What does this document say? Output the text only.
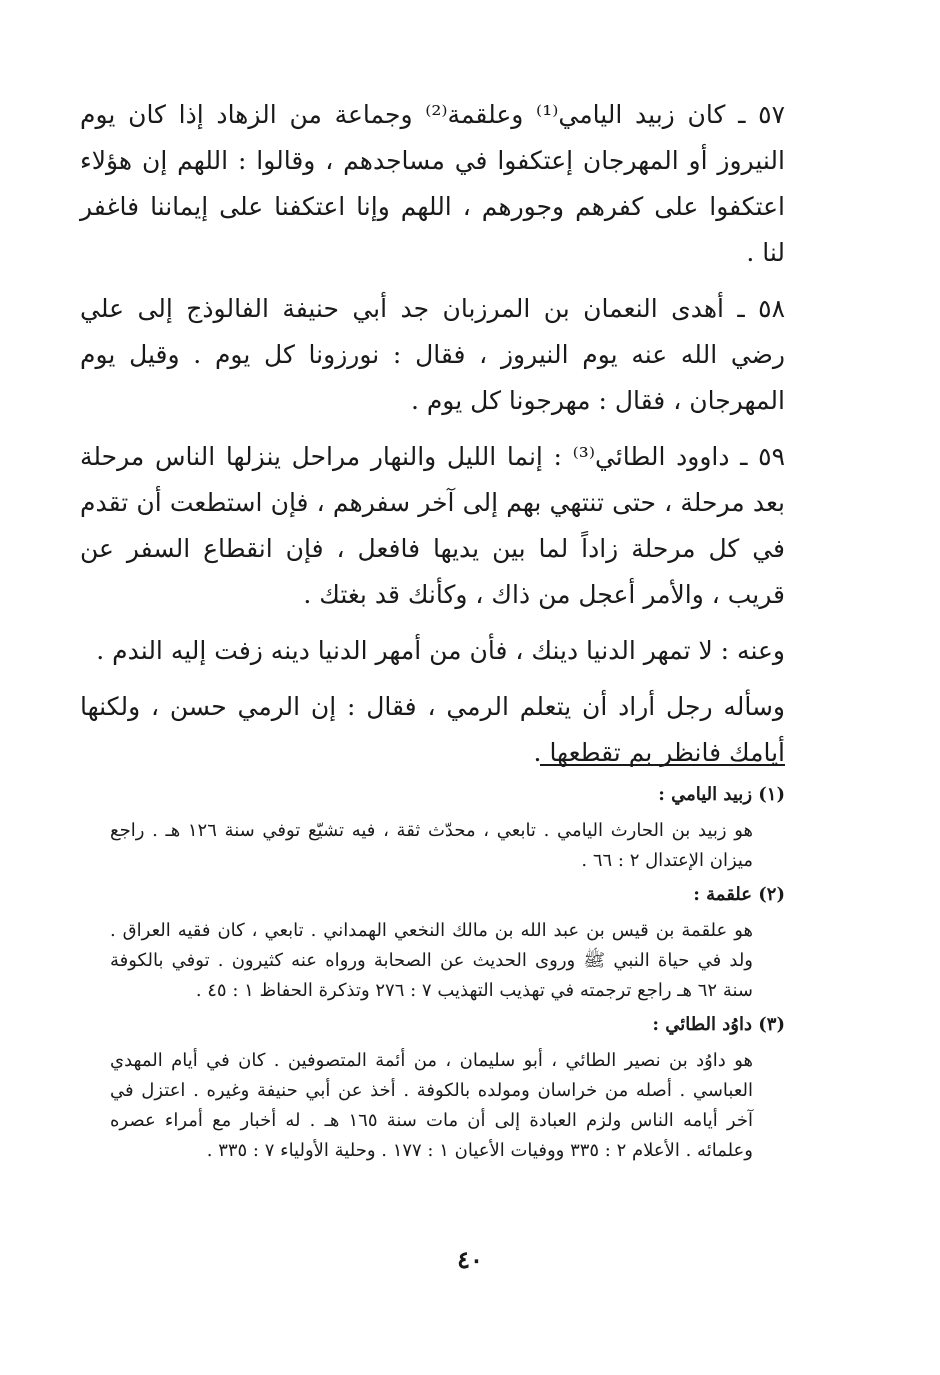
٥٧ ـ كان زبيد اليامي⁽¹⁾ وعلقمة⁽²⁾ وجماعة من الزهاد إذا كان يوم النيروز أو المهرجان إعتكفوا في مساجدهم ، وقالوا : اللهم إن هؤلاء اعتكفوا على كفرهم وجورهم ، اللهم وإنا اعتكفنا على إيماننا فاغفر لنا .

٥٨ ـ أهدى النعمان بن المرزبان جد أبي حنيفة الفالوذج إلى علي رضي الله عنه يوم النيروز ، فقال : نورزونا كل يوم . وقيل يوم المهرجان ، فقال : مهرجونا كل يوم .

٥٩ ـ داوود الطائي⁽³⁾ : إنما الليل والنهار مراحل ينزلها الناس مرحلة بعد مرحلة ، حتى تنتهي بهم إلى آخر سفرهم ، فإن استطعت أن تقدم في كل مرحلة زاداً لما بين يديها فافعل ، فإن انقطاع السفر عن قريب ، والأمر أعجل من ذاك ، وكأنك قد بغتك .

وعنه : لا تمهر الدنيا دينك ، فأن من أمهر الدنيا دينه زفت إليه الندم .

وسأله رجل أراد أن يتعلم الرمي ، فقال : إن الرمي حسن ، ولكنها أيامك فانظر بم تقطعها .

(١) زبيد اليامي :

هو زبيد بن الحارث اليامي . تابعي ، محدّث ثقة ، فيه تشيّع توفي سنة ١٢٦ هـ . راجع ميزان الإعتدال ٢ : ٦٦ .

(٢) علقمة :

هو علقمة بن قيس بن عبد الله بن مالك النخعي الهمداني . تابعي ، كان فقيه العراق . ولد في حياة النبي ﷺ وروى الحديث عن الصحابة ورواه عنه كثيرون . توفي بالكوفة سنة ٦٢ هـ راجع ترجمته في تهذيب التهذيب ٧ : ٢٧٦ وتذكرة الحفاظ ١ : ٤٥ .

(٣) داوُد الطائي :

هو داوُد بن نصير الطائي ، أبو سليمان ، من أئمة المتصوفين . كان في أيام المهدي العباسي . أصله من خراسان ومولده بالكوفة . أخذ عن أبي حنيفة وغيره . اعتزل في آخر أيامه الناس ولزم العبادة إلى أن مات سنة ١٦٥ هـ . له أخبار مع أمراء عصره وعلمائه . الأعلام ٢ : ٣٣٥ ووفيات الأعيان ١ : ١٧٧ . وحلية الأولياء ٧ : ٣٣٥ .

٤٠
